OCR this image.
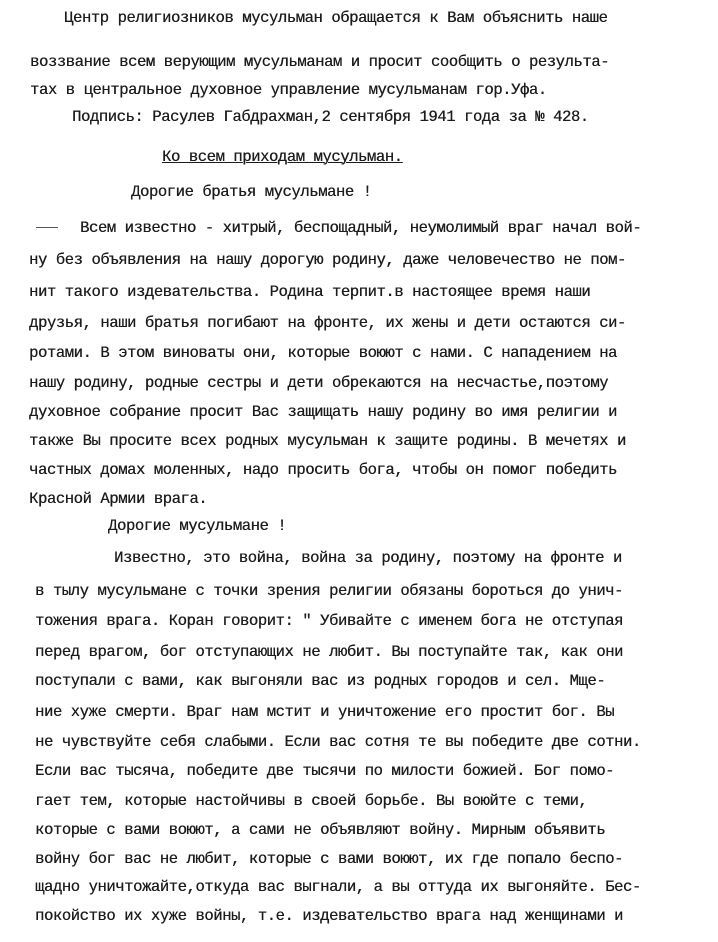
Центр религиозников мусульман обращается к Вам объяснить наше
воззвание всем верующим мусульманам и просит сообщить о результа-
тах в центральное духовное управление мусульманам гор.Уфа.
Подпись: Расулев Габдрахман,2 сентября 1941 года за № 428.
Ко всем приходам мусульман.
Дорогие братья мусульмане !
Всем известно - хитрый, беспощадный, неумолимый враг начал вой-
ну без объявления на нашу дорогую родину, даже человечество не пом-
нит такого издевательства. Родина терпит.в настоящее время наши
друзья, наши братья погибают на фронте, их жены и дети остаются си-
ротами. В этом виноваты они, которые воюют с нами. С нападением на
нашу родину, родные сестры и дети обрекаются на несчастье,поэтому
духовное собрание просит Вас защищать нашу родину во имя религии и
также Вы просите всех родных мусульман к защите родины. В мечетях и
частных домах моленных, надо просить бога, чтобы он помог победить
Красной Армии врага.
Дорогие мусульмане !
Известно, это война, война за родину, поэтому на фронте и
в тылу мусульмане с точки зрения религии обязаны бороться до унич-
тожения врага. Коран говорит: " Убивайте с именем бога не отступая
перед врагом, бог отступающих не любит. Вы поступайте так, как они
поступали с вами, как выгоняли вас из родных городов и сел. Мще-
ние хуже смерти. Враг нам мстит и уничтожение его простит бог. Вы
не чувствуйте себя слабыми. Если вас сотня те вы победите две сотни.
Если вас тысяча, победите две тысячи по милости божией. Бог помо-
гает тем, которые настойчивы в своей борьбе. Вы воюйте с теми,
которые с вами воюют, а сами не объявляют войну. Мирным объявить
войну бог вас не любит, которые с вами воюют, их где попало беспо-
щадно уничтожайте,откуда вас выгнали, а вы оттуда их выгоняйте. Бес-
покойство их хуже войны, т.е. издевательство врага над женщинами и
